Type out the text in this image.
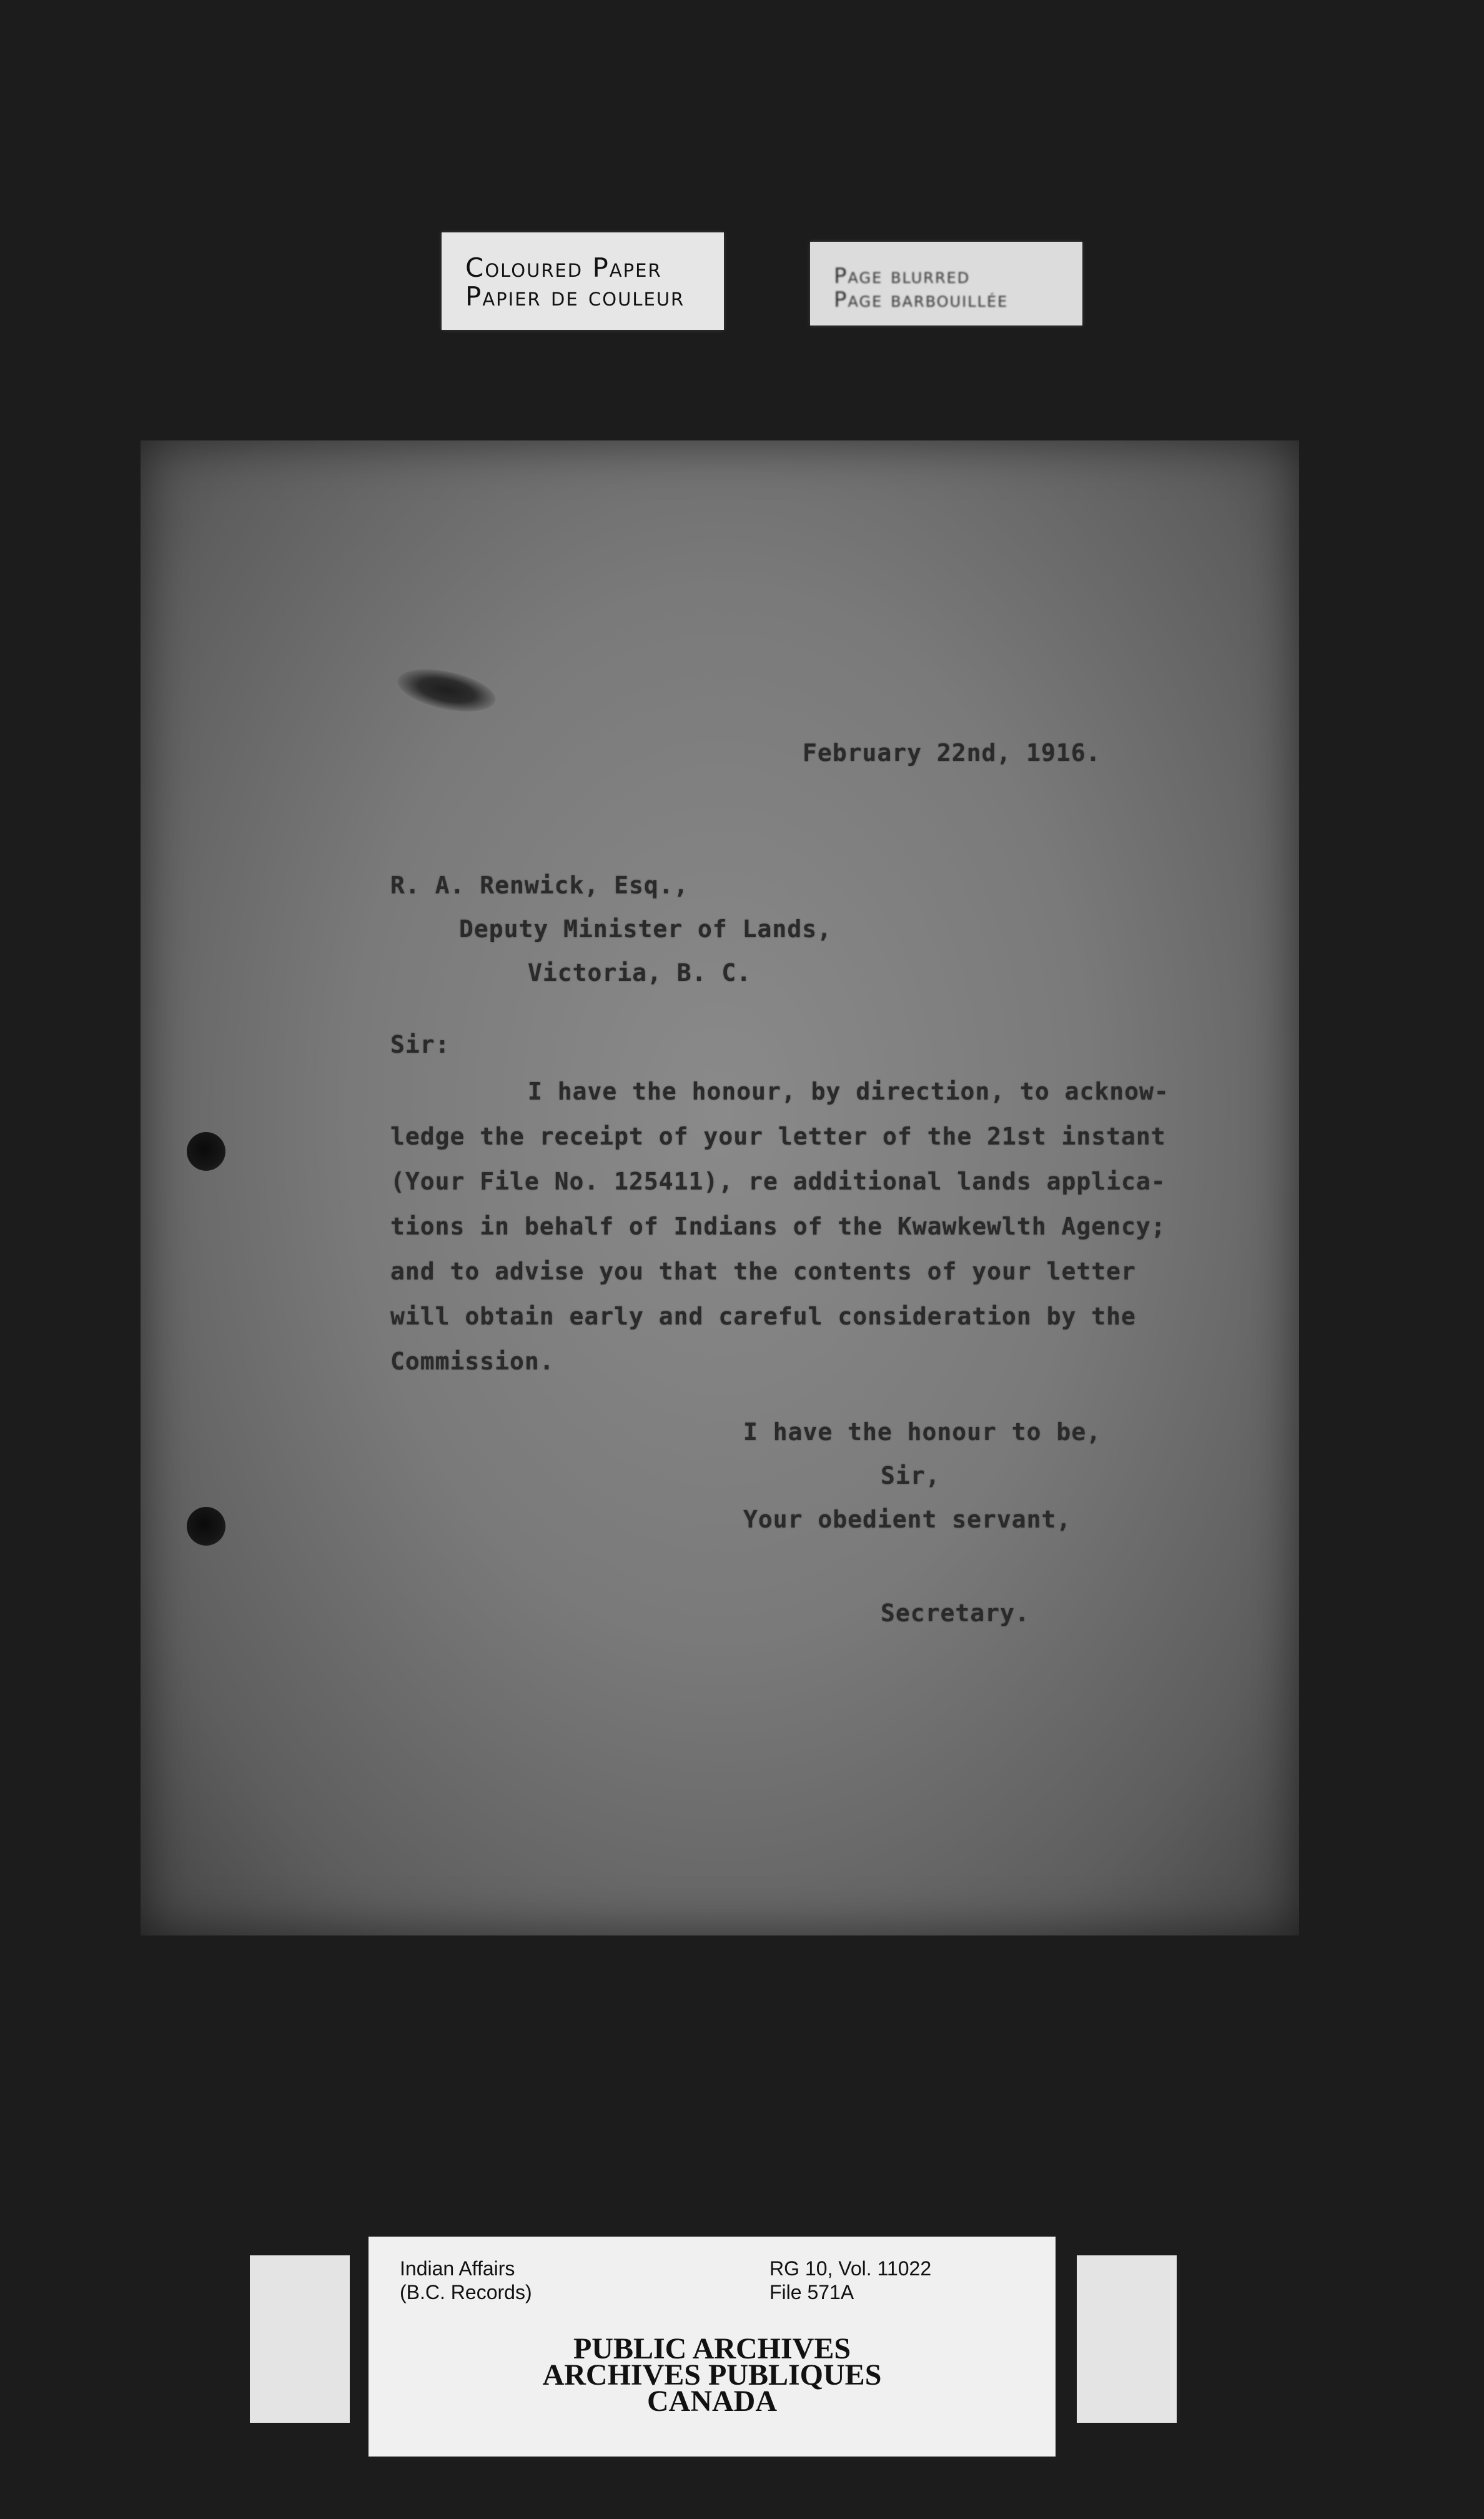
Coloured Paper
Papier de couleur
Page blurred
Page barbouillée
February 22nd, 1916.
R. A. Renwick, Esq.,
Deputy Minister of Lands,
Victoria, B. C.
Sir:
I have the honour, by direction, to acknow-
ledge the receipt of your letter of the 21st instant
(Your File No. 125411), re additional lands applica-
tions in behalf of Indians of the Kwawkewlth Agency;
and to advise you that the contents of your letter
will obtain early and careful consideration by the
Commission.
I have the honour to be,
Sir,
Your obedient servant,
Secretary.
Indian Affairs
(B.C. Records)
RG 10, Vol. 11022
File 571A
PUBLIC ARCHIVES
ARCHIVES PUBLIQUES
CANADA
